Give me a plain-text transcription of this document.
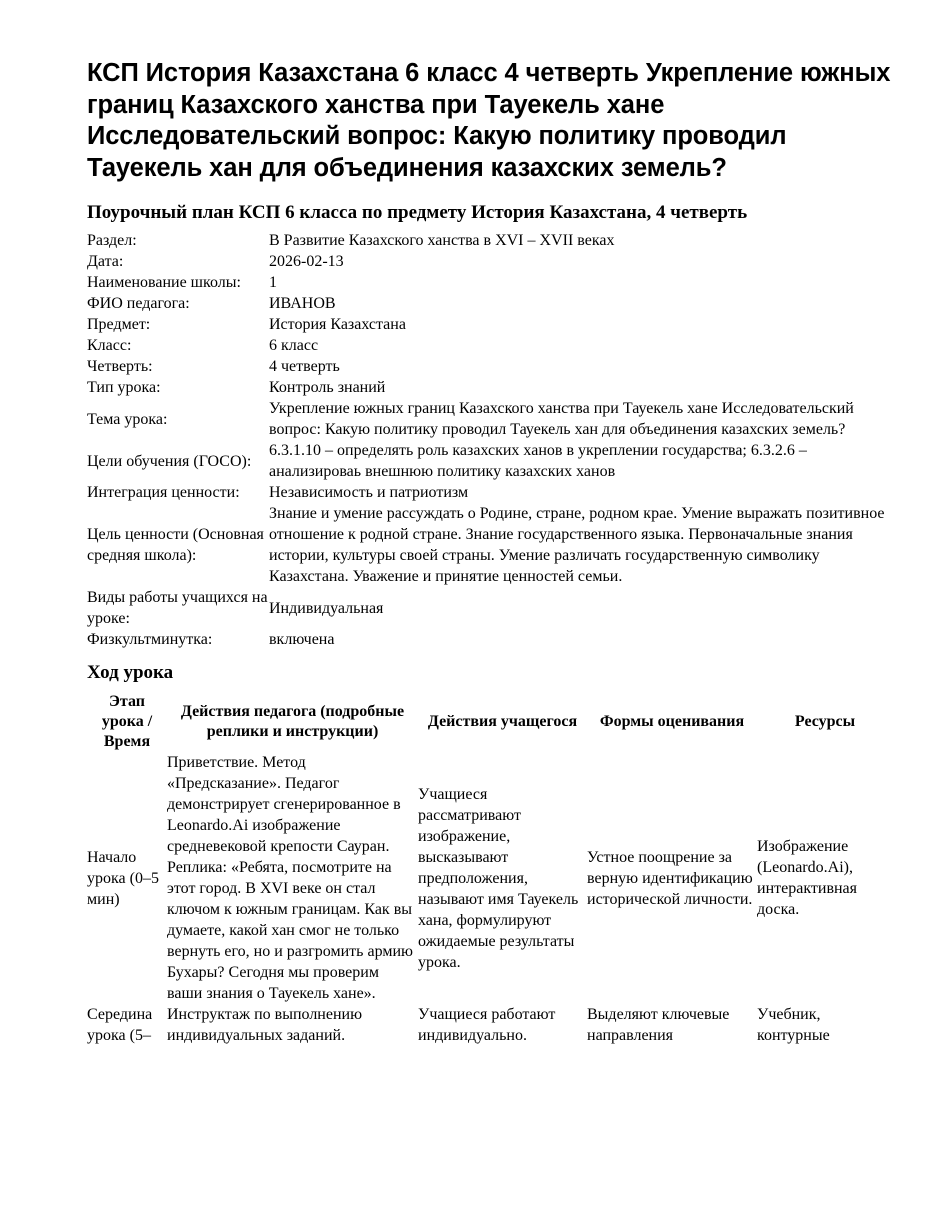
КСП История Казахстана 6 класс 4 четверть Укрепление южных границ Казахского ханства при Тауекель хане Исследовательский вопрос: Какую политику проводил Тауекель хан для объединения казахских земель?
Поурочный план КСП 6 класса по предмету История Казахстана, 4 четверть
Раздел:	В Развитие Казахского ханства в XVI – XVII веках
Дата:	2026-02-13
Наименование школы:	1
ФИО педагога:	ИВАНОВ
Предмет:	История Казахстана
Класс:	6 класс
Четверть:	4 четверть
Тип урока:	Контроль знаний
Тема урока:	Укрепление южных границ Казахского ханства при Тауекель хане Исследовательский вопрос: Какую политику проводил Тауекель хан для объединения казахских земель?
Цели обучения (ГОСО):	6.3.1.10 – определять роль казахских ханов в укреплении государства; 6.3.2.6 – анализироваь внешнюю политику казахских ханов
Интеграция ценности:	Независимость и патриотизм
Цель ценности (Основная средняя школа):	Знание и умение рассуждать о Родине, стране, родном крае. Умение выражать позитивное отношение к родной стране. Знание государственного языка. Первоначальные знания истории, культуры своей страны. Умение различать государственную символику Казахстана. Уважение и принятие ценностей семьи.
Виды работы учащихся на уроке:	Индивидуальная
Физкультминутка:	включена
Ход урока
Этап урока / Время	Действия педагога (подробные реплики и инструкции)	Действия учащегося	Формы оценивания	Ресурсы
Начало урока (0–5 мин)	Приветствие. Метод «Предсказание». Педагог демонстрирует сгенерированное в Leonardo.Ai изображение средневековой крепости Сауран. Реплика: «Ребята, посмотрите на этот город. В XVI веке он стал ключом к южным границам. Как вы думаете, какой хан смог не только вернуть его, но и разгромить армию Бухары? Сегодня мы проверим ваши знания о Тауекель хане».	Учащиеся рассматривают изображение, высказывают предположения, называют имя Тауекель хана, формулируют ожидаемые результаты урока.	Устное поощрение за верную идентификацию исторической личности.	Изображение (Leonardo.Ai), интерактивная доска.
Середина урока (5–	Инструктаж по выполнению индивидуальных заданий.	Учащиеся работают индивидуально.	Выделяют ключевые направления	Учебник, контурные
